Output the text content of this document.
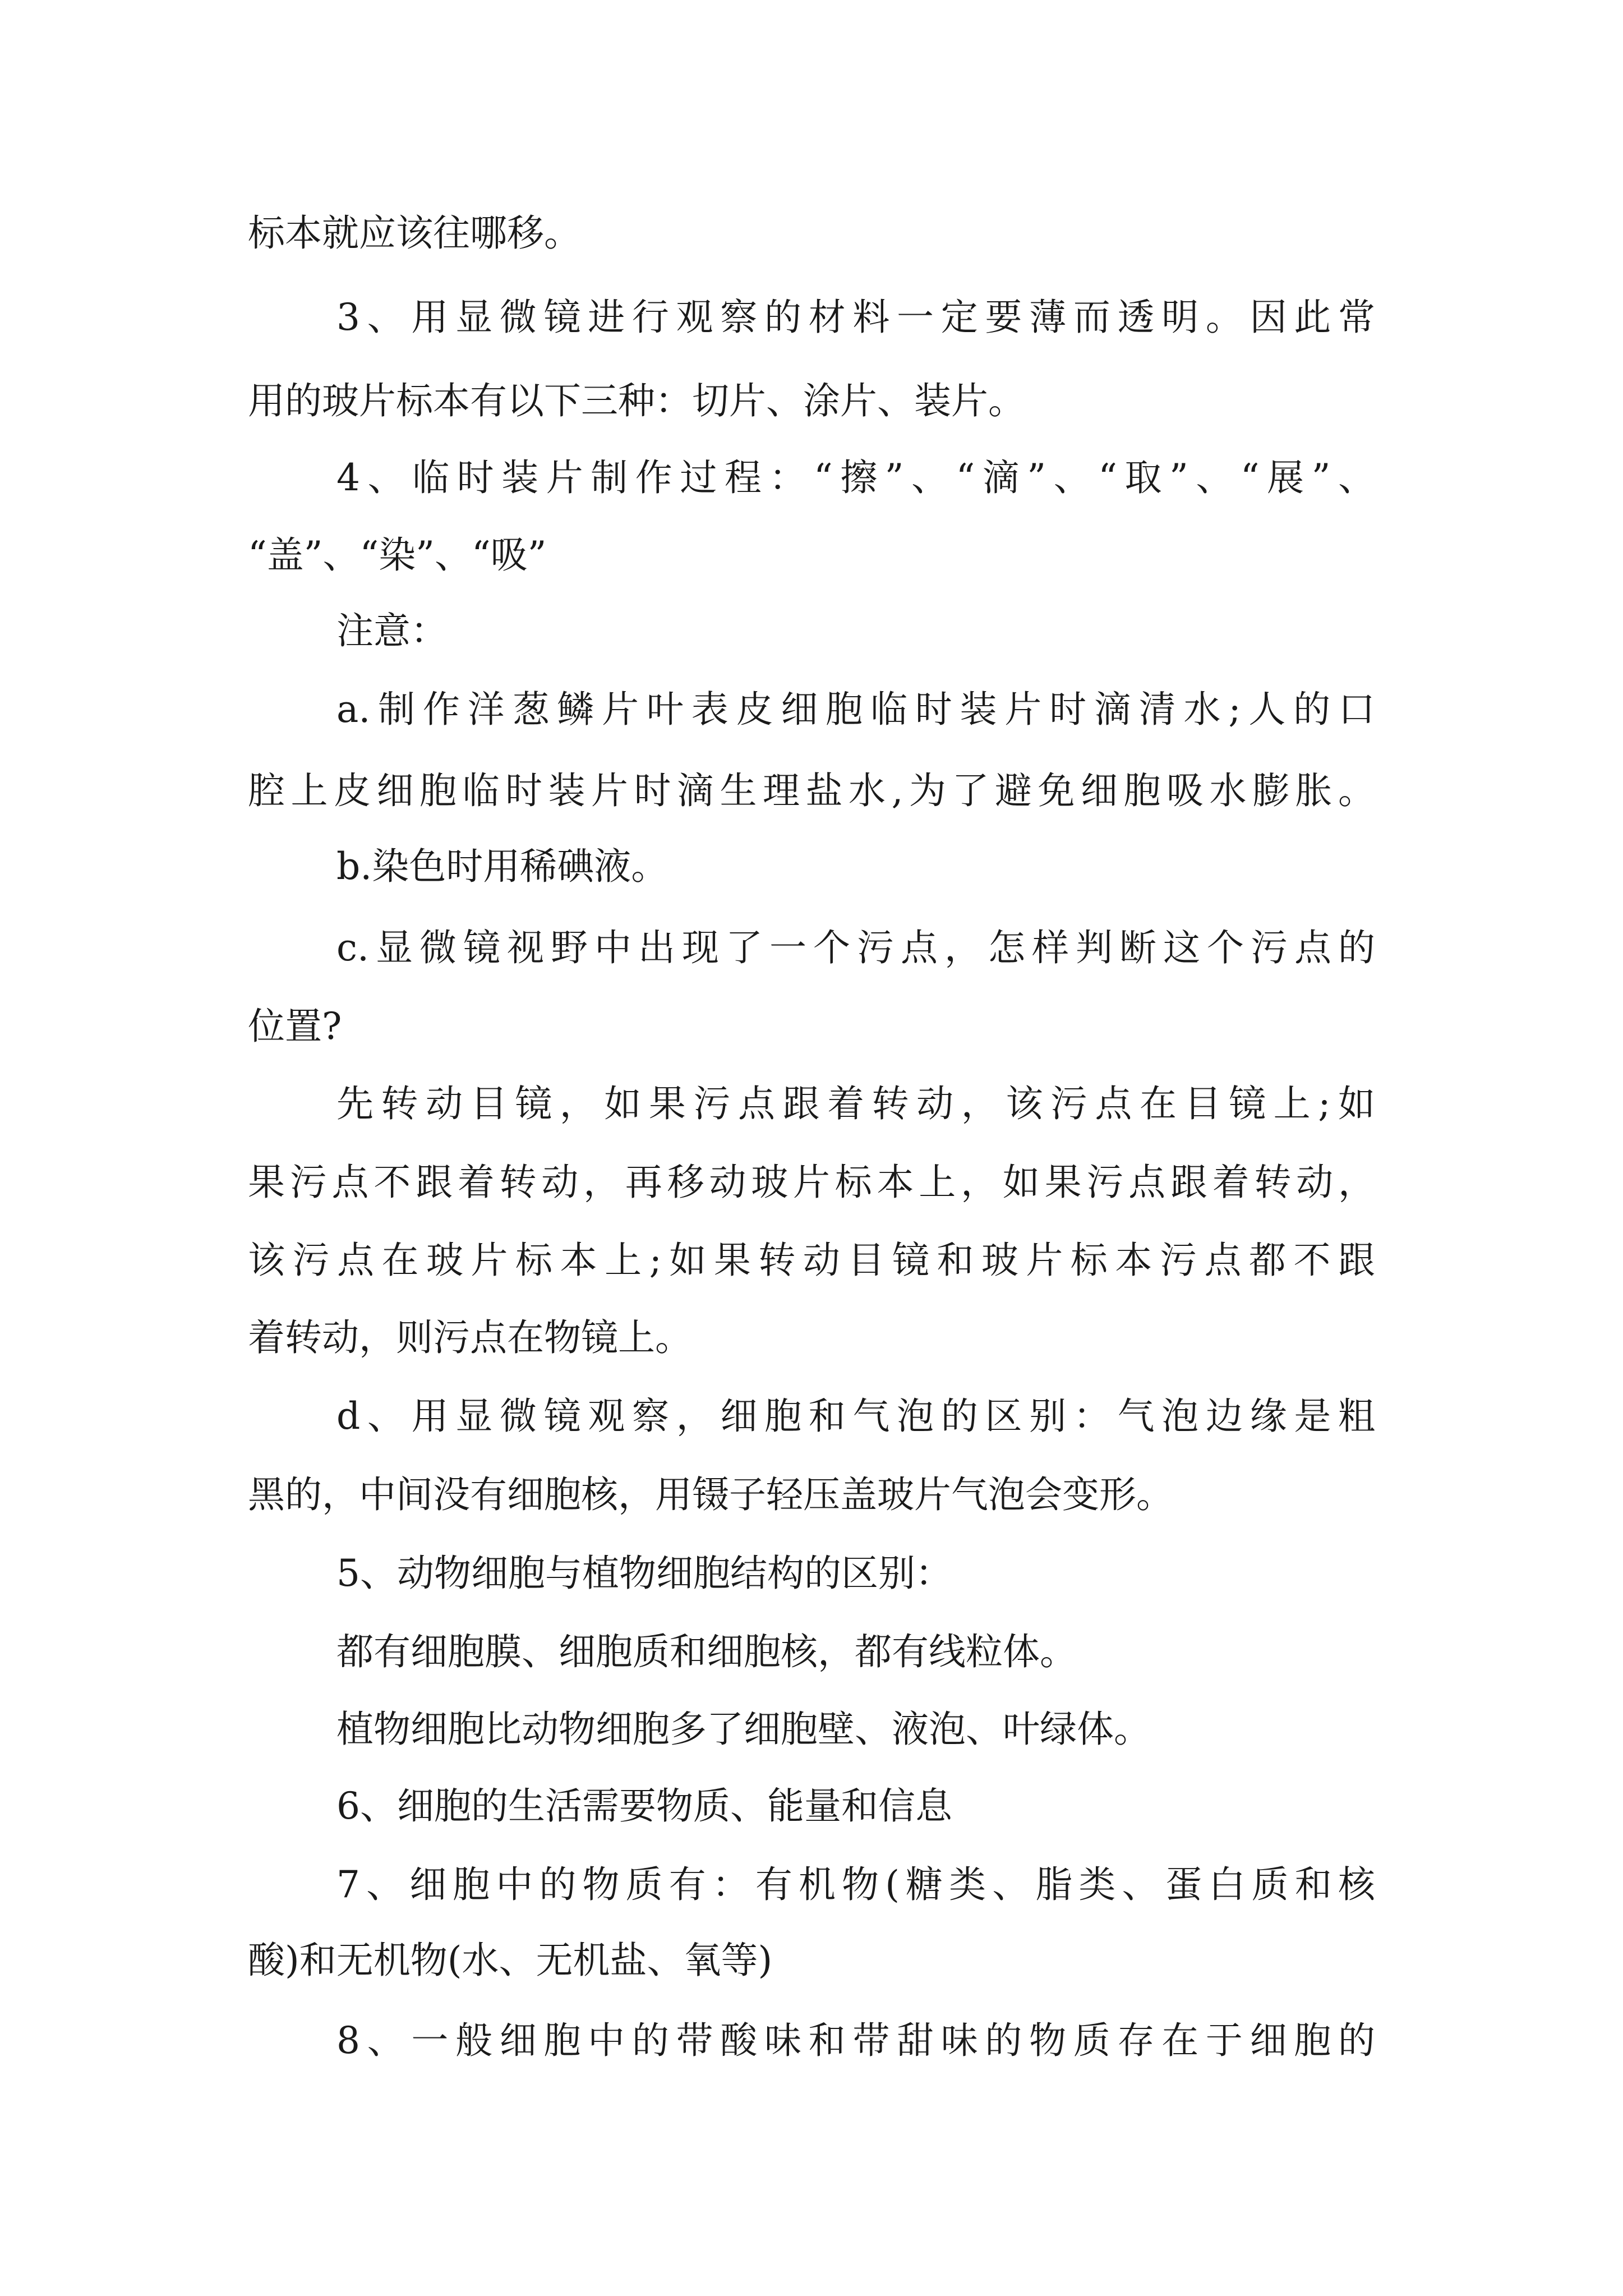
标本就应该往哪移。

3、用显微镜进行观察的材料一定要薄而透明。因此常

用的玻片标本有以下三种：切片、涂片、装片。

4、临时装片制作过程：“擦”、“滴”、“取”、“展”、

“盖”、“染”、“吸”

注意：

a.制作洋葱鳞片叶表皮细胞临时装片时滴清水;人的口

腔上皮细胞临时装片时滴生理盐水,为了避免细胞吸水膨胀。

b.染色时用稀碘液。

c.显微镜视野中出现了一个污点，怎样判断这个污点的

位置?

先转动目镜，如果污点跟着转动，该污点在目镜上;如

果污点不跟着转动，再移动玻片标本上，如果污点跟着转动，

该污点在玻片标本上;如果转动目镜和玻片标本污点都不跟

着转动，则污点在物镜上。

d、用显微镜观察，细胞和气泡的区别：气泡边缘是粗

黑的，中间没有细胞核，用镊子轻压盖玻片气泡会变形。

5、动物细胞与植物细胞结构的区别：

都有细胞膜、细胞质和细胞核，都有线粒体。

植物细胞比动物细胞多了细胞壁、液泡、叶绿体。

6、细胞的生活需要物质、能量和信息

7、细胞中的物质有：有机物(糖类、脂类、蛋白质和核

酸)和无机物(水、无机盐、氧等)

8、一般细胞中的带酸味和带甜味的物质存在于细胞的
